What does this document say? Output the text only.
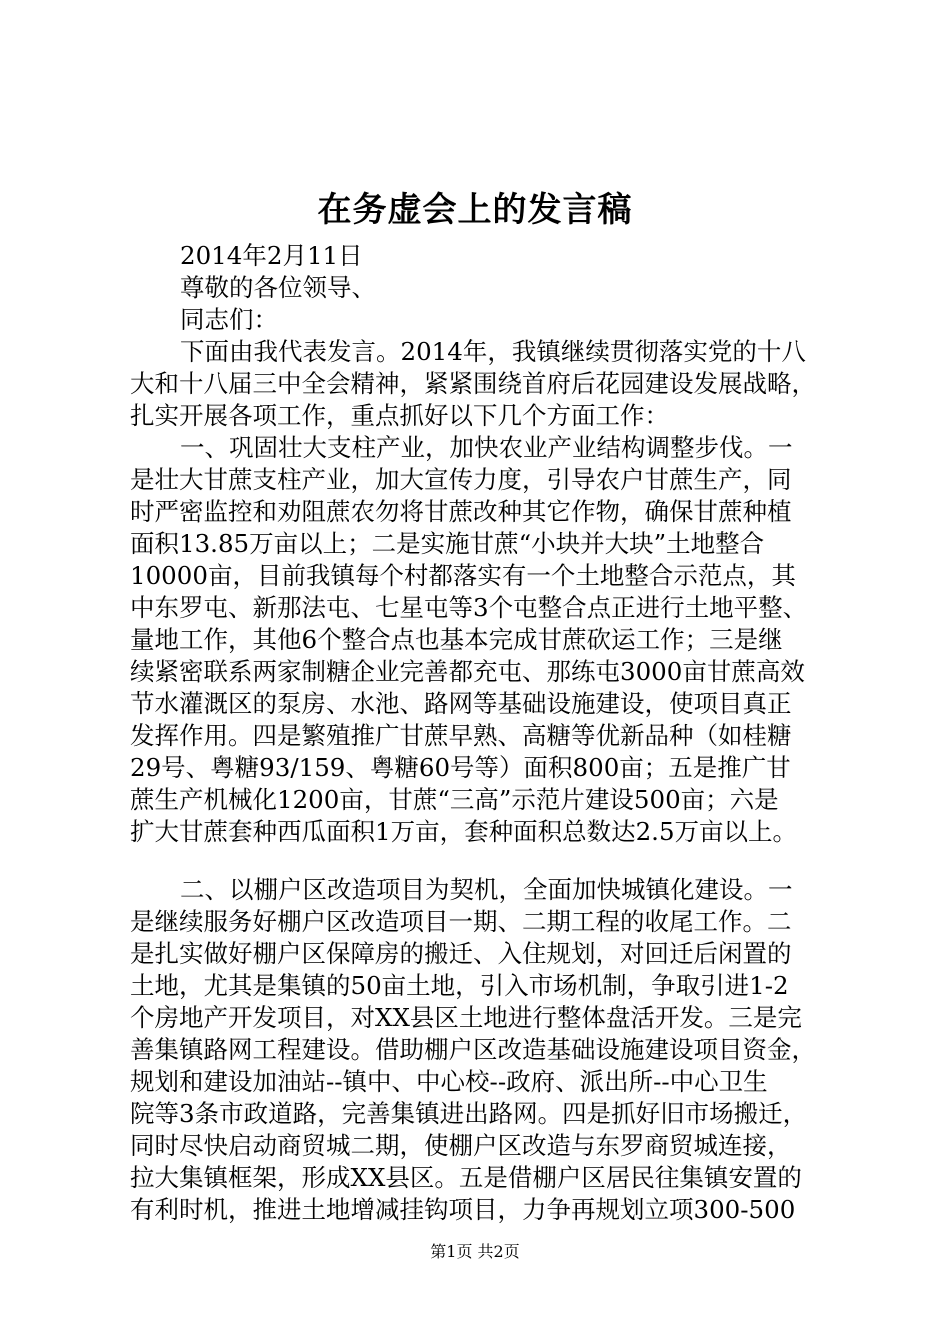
在务虚会上的发言稿
2014年2月11日
尊敬的各位领导、
同志们：
下面由我代表发言。2014年，我镇继续贯彻落实党的十八
大和十八届三中全会精神，紧紧围绕首府后花园建设发展战略，
扎实开展各项工作，重点抓好以下几个方面工作：
一、巩固壮大支柱产业，加快农业产业结构调整步伐。一
是壮大甘蔗支柱产业，加大宣传力度，引导农户甘蔗生产，同
时严密监控和劝阻蔗农勿将甘蔗改种其它作物，确保甘蔗种植
面积13.85万亩以上；二是实施甘蔗“小块并大块”土地整合
10000亩，目前我镇每个村都落实有一个土地整合示范点，其
中东罗屯、新那法屯、七星屯等3个屯整合点正进行土地平整、
量地工作，其他6个整合点也基本完成甘蔗砍运工作；三是继
续紧密联系两家制糖企业完善都充屯、那练屯3000亩甘蔗高效
节水灌溉区的泵房、水池、路网等基础设施建设，使项目真正
发挥作用。四是繁殖推广甘蔗早熟、高糖等优新品种（如桂糖
29号、粤糖93/159、粤糖60号等）面积800亩；五是推广甘
蔗生产机械化1200亩，甘蔗“三高”示范片建设500亩；六是
扩大甘蔗套种西瓜面积1万亩，套种面积总数达2.5万亩以上。
二、以棚户区改造项目为契机，全面加快城镇化建设。一
是继续服务好棚户区改造项目一期、二期工程的收尾工作。二
是扎实做好棚户区保障房的搬迁、入住规划，对回迁后闲置的
土地，尤其是集镇的50亩土地，引入市场机制，争取引进1-2
个房地产开发项目，对XX县区土地进行整体盘活开发。三是完
善集镇路网工程建设。借助棚户区改造基础设施建设项目资金，
规划和建设加油站--镇中、中心校--政府、派出所--中心卫生
院等3条市政道路，完善集镇进出路网。四是抓好旧市场搬迁，
同时尽快启动商贸城二期，使棚户区改造与东罗商贸城连接，
拉大集镇框架，形成XX县区。五是借棚户区居民往集镇安置的
有利时机，推进土地增减挂钩项目，力争再规划立项300-500
第1页 共2页
